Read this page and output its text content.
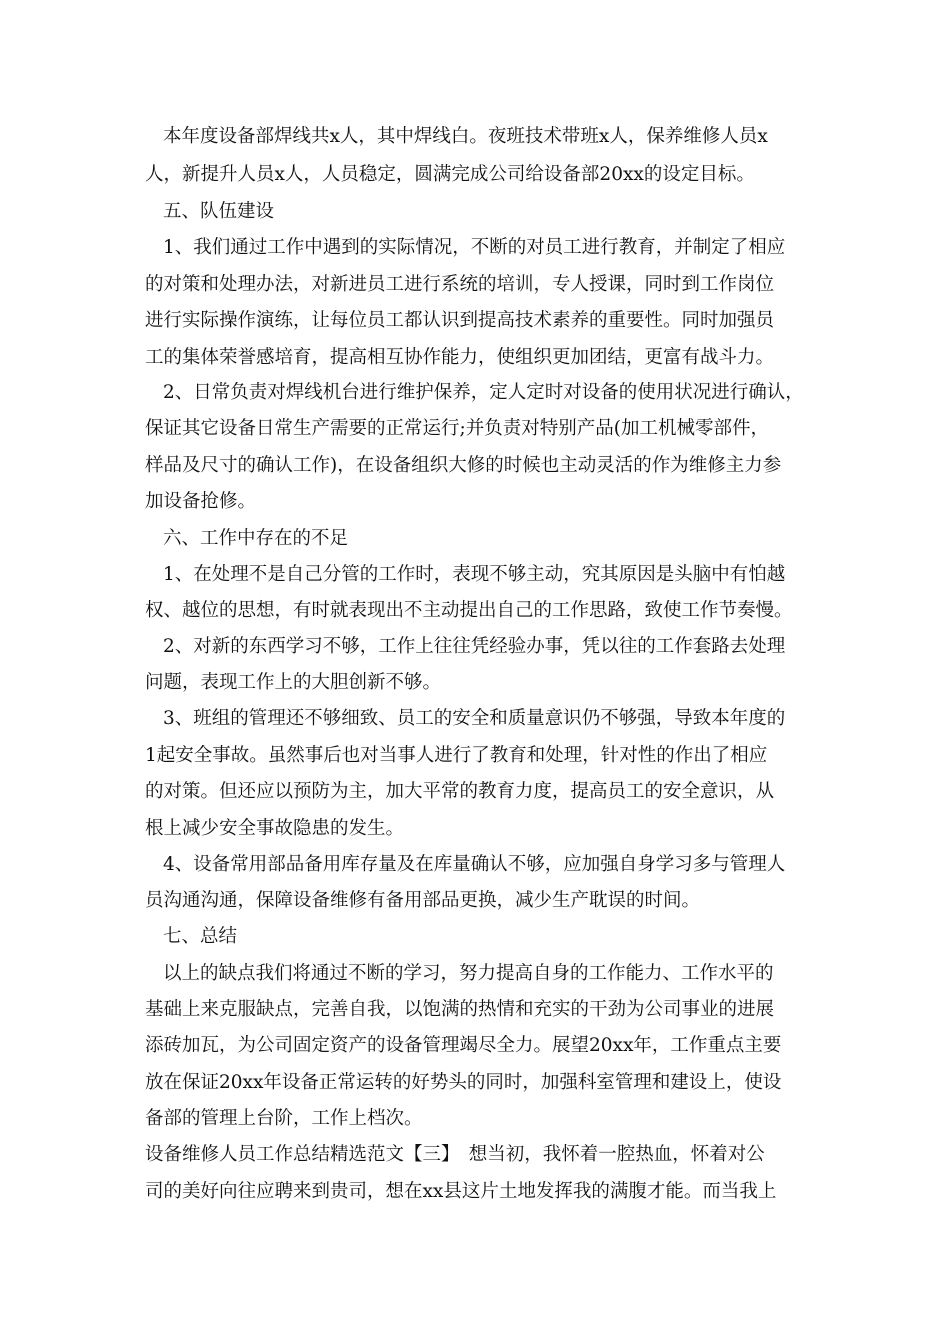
本年度设备部焊线共x人，其中焊线白。夜班技术带班x人，保养维修人员x
人，新提升人员x人，人员稳定，圆满完成公司给设备部20xx的设定目标。
五、队伍建设
1、我们通过工作中遇到的实际情况，不断的对员工进行教育，并制定了相应
的对策和处理办法，对新进员工进行系统的培训，专人授课，同时到工作岗位
进行实际操作演练，让每位员工都认识到提高技术素养的重要性。同时加强员
工的集体荣誉感培育，提高相互协作能力，使组织更加团结，更富有战斗力。
2、日常负责对焊线机台进行维护保养，定人定时对设备的使用状况进行确认，
保证其它设备日常生产需要的正常运行;并负责对特别产品(加工机械零部件，
样品及尺寸的确认工作)，在设备组织大修的时候也主动灵活的作为维修主力参
加设备抢修。
六、工作中存在的不足
1、在处理不是自己分管的工作时，表现不够主动，究其原因是头脑中有怕越
权、越位的思想，有时就表现出不主动提出自己的工作思路，致使工作节奏慢。
2、对新的东西学习不够，工作上往往凭经验办事，凭以往的工作套路去处理
问题，表现工作上的大胆创新不够。
3、班组的管理还不够细致、员工的安全和质量意识仍不够强，导致本年度的
1起安全事故。虽然事后也对当事人进行了教育和处理，针对性的作出了相应
的对策。但还应以预防为主，加大平常的教育力度，提高员工的安全意识，从
根上减少安全事故隐患的发生。
4、设备常用部品备用库存量及在库量确认不够，应加强自身学习多与管理人
员沟通沟通，保障设备维修有备用部品更换，减少生产耽误的时间。
七、总结
以上的缺点我们将通过不断的学习，努力提高自身的工作能力、工作水平的
基础上来克服缺点，完善自我，以饱满的热情和充实的干劲为公司事业的进展
添砖加瓦，为公司固定资产的设备管理竭尽全力。展望20xx年，工作重点主要
放在保证20xx年设备正常运转的好势头的同时，加强科室管理和建设上，使设
备部的管理上台阶，工作上档次。
设备维修人员工作总结精选范文【三】　想当初，我怀着一腔热血，怀着对公
司的美好向往应聘来到贵司，想在xx县这片土地发挥我的满腹才能。而当我上
